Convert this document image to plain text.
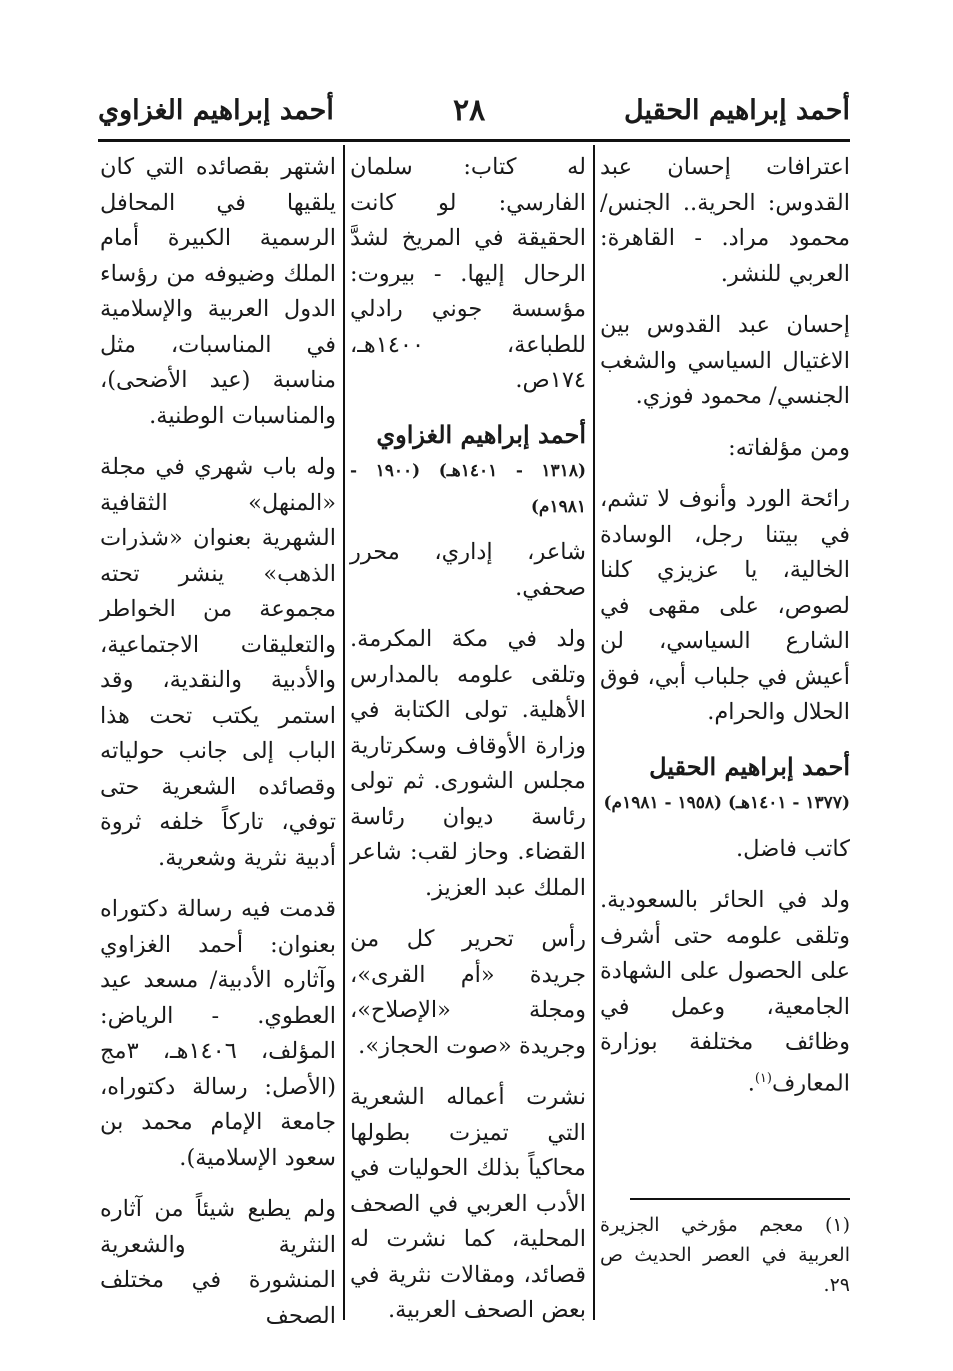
أحمد إبراهيم الحقيل
٢٨
أحمد إبراهيم الغزاوي

اعترافات إحسان عبد القدوس: الحرية.. الجنس/ محمود مراد. - القاهرة: العربي للنشر.

إحسان عبد القدوس بين الاغتيال السياسي والشغب الجنسي/ محمود فوزي.

ومن مؤلفاته:

رائحة الورد وأنوف لا تشم، في بيتنا رجل، الوسادة الخالية، يا عزيزي كلنا لصوص، على مقهى في الشارع السياسي، لن أعيش في جلباب أبي، فوق الحلال والحرام.

أحمد إبراهيم الحقيل
(١٣٧٧ - ١٤٠١هـ) (١٩٥٨ - ١٩٨١م)

كاتب فاضل.

ولد في الحائر بالسعودية. وتلقى علومه حتى أشرف على الحصول على الشهادة الجامعية، وعمل في وظائف مختلفة بوزارة المعارف$^{(١)}$.

له كتاب: سلمان الفارسي: لو كانت الحقيقة في المريخ لشدَّ الرحال إليها. - بيروت: مؤسسة جوني رادلي للطباعة، ١٤٠٠هـ، ١٧٤ص.

أحمد إبراهيم الغزاوي
(١٣١٨ - ١٤٠١هـ) (١٩٠٠ - ١٩٨١م)

شاعر، إداري، محرر صحفي.

ولد في مكة المكرمة. وتلقى علومه بالمدارس الأهلية. تولى الكتابة في وزارة الأوقاف وسكرتارية مجلس الشورى. ثم تولى رئاسة ديوان رئاسة القضاء. وحاز لقب: شاعر الملك عبد العزيز.

رأس تحرير كل من جريدة «أم القرى»، ومجلة «الإصلاح»، وجريدة «صوت الحجاز».

نشرت أعماله الشعرية التي تميزت بطولها محاكياً بذلك الحوليات في الأدب العربي في الصحف المحلية، كما نشرت له قصائد، ومقالات نثرية في بعض الصحف العربية.

اشتهر بقصائده التي كان يلقيها في المحافل الرسمية الكبيرة أمام الملك وضيوفه من رؤساء الدول العربية والإسلامية في المناسبات، مثل مناسبة (عيد الأضحى)، والمناسبات الوطنية.

وله باب شهري في مجلة «المنهل» الثقافية الشهرية بعنوان «شذرات الذهب» ينشر تحته مجموعة من الخواطر والتعليقات الاجتماعية، والأدبية والنقدية، وقد استمر يكتب تحت هذا الباب إلى جانب حولياته وقصائده الشعرية حتى توفي، تاركاً خلفه ثروة أدبية نثرية وشعرية.

قدمت فيه رسالة دكتوراه بعنوان: أحمد الغزاوي وآثاره الأدبية/ مسعد عيد العطوي. - الرياض: المؤلف، ١٤٠٦هـ، ٣مج (الأصل: رسالة دكتوراه، جامعة الإمام محمد بن سعود الإسلامية).

ولم يطبع شيئاً من آثاره النثرية والشعرية المنشورة في مختلف الصحف

(١) معجم مؤرخي الجزيرة العربية في العصر الحديث ص ٢٩.
